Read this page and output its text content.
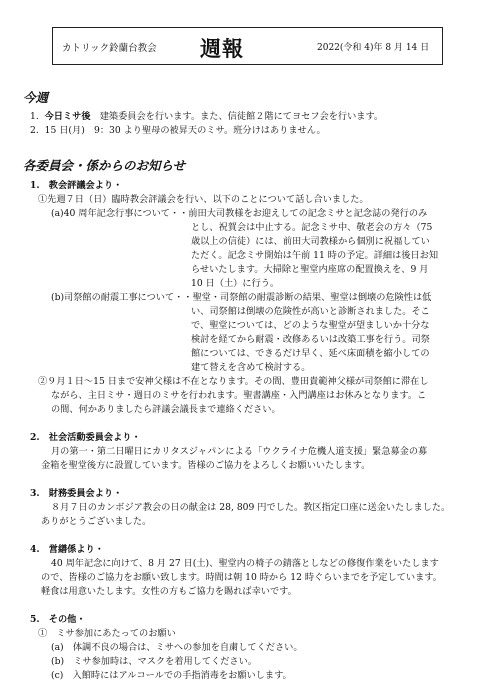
カトリック鈴蘭台教会 週報	2022(令和 4)年 8 月 14 日
今週
1. 今日ミサ後　 建築委員会を行います。また、信徒館２階にてヨセフ会を行います。
2. 15 日(月)　9：30 より聖母の被昇天のミサ。班分けはありません。
各委員会・係からのお知らせ
1.　教会評議会より・
①先週７日（日）臨時教会評議会を行い、以下のことについて話し合いました。
(a)40 周年記念行事について・・前田大司教様をお迎えしての記念ミサと記念誌の発行のみ
とし、祝賀会は中止する。記念ミサ中、敬老会の方々（75
歳以上の信徒）には、前田大司教様から個別に祝福してい
ただく。記念ミサ開始は午前 11 時の予定。詳細は後日お知
らせいたします。大掃除と聖堂内座席の配置換えを、9 月
10 日（土）に行う。
(b)司祭館の耐震工事について・・聖堂・司祭館の耐震診断の結果、聖堂は倒壊の危険性は低
い、司祭館は倒壊の危険性が高いと診断されました。そこ
で、聖堂については、どのような聖堂が望ましいか十分な
検討を経てから耐震・改修あるいは改築工事を行う。司祭
館については、できるだけ早く、延べ床面積を縮小しての
建て替えを含めて検討する。
②９月１日～15 日まで安神父様は不在となります。その間、豊田貴範神父様が司祭館に滞在し
ながら、主日ミサ・週日のミサを行われます。聖書講座・入門講座はお休みとなります。こ
の間、何かありましたら評議会議長まで連絡ください。
2.　社会活動委員会より・
月の第一・第二日曜日にカリタスジャパンによる「ウクライナ危機人道支援」緊急募金の募
金箱を聖堂後方に設置しています。皆様のご協力をよろしくお願いいたします。
3.　財務委員会より・
８月７日のカンボジア教会の日の献金は 28, 809 円でした。教区指定口座に送金いたしました。
ありがとうございました。
4.　営繕係より・
40 周年記念に向けて、8 月 27 日(土)、聖堂内の椅子の錆落としなどの修復作業をいたします
ので、皆様のご協力をお願い致します。時間は朝 10 時から 12 時ぐらいまでを予定しています。
軽食は用意いたします。女性の方もご協力を賜れば幸いです。
5.　その他・
①　ミサ参加にあたってのお願い
(a)　体調不良の場合は、ミサへの参加を自粛してください。
(b)　ミサ参加時は、マスクを着用してください。
(c)　入館時にはアルコールでの手指消毒をお願いします。
